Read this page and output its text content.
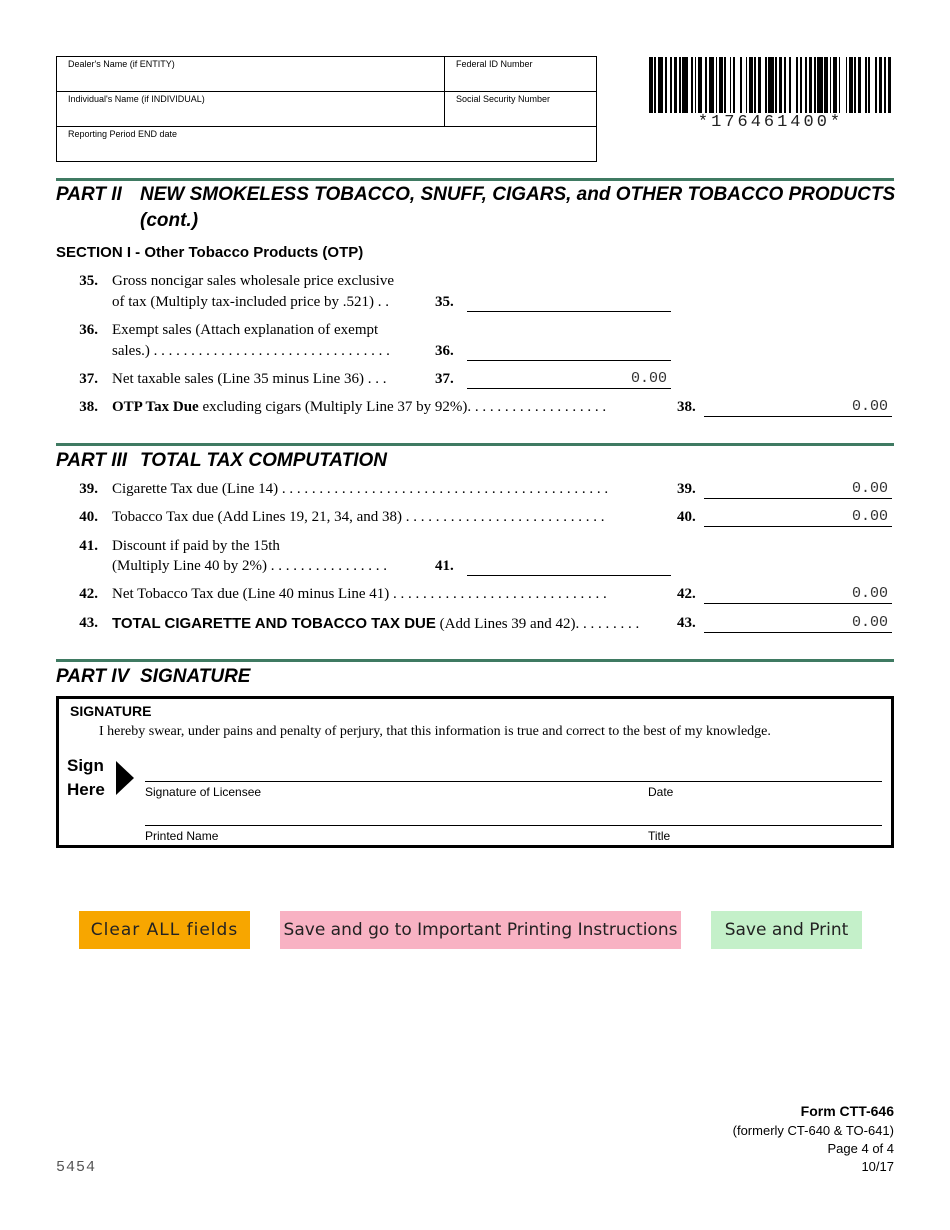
Dealer's Name (if ENTITY)	Federal ID Number
Individual's Name (if INDIVIDUAL)	Social Security Number
Reporting Period END date
*176461400*
PART II NEW SMOKELESS TOBACCO, SNUFF, CIGARS, and OTHER TOBACCO PRODUCTS
(cont.)
SECTION I - Other Tobacco Products (OTP)
35. Gross noncigar sales wholesale price exclusive
of tax (Multiply tax-included price by .521) . .	35.
36. Exempt sales (Attach explanation of exempt
sales.) . . . . . . . . . . . . . . . . . . . . . . . . . . . . . . . .	36.
37. Net taxable sales (Line 35 minus Line 36) . . .	37.
0.00
38. OTP Tax Due excluding cigars (Multiply Line 37 by 92%). . . . . . . . . . . . . . . . . . .	38.
0.00
PART III TOTAL TAX COMPUTATION
39. Cigarette Tax due (Line 14) . . . . . . . . . . . . . . . . . . . . . . . . . . . . . . . . . . . . . . . . . . . .	39.
0.00
40. Tobacco Tax due (Add Lines 19, 21, 34, and 38) . . . . . . . . . . . . . . . . . . . . . . . . . . .	40.
0.00
41. Discount if paid by the 15th
(Multiply Line 40 by 2%) . . . . . . . . . . . . . . . .	41.
42. Net Tobacco Tax due (Line 40 minus Line 41) . . . . . . . . . . . . . . . . . . . . . . . . . . . . .	42.
0.00
43. TOTAL CIGARETTE AND TOBACCO TAX DUE (Add Lines 39 and 42). . . . . . . . .	43.
0.00
PART IV SIGNATURE
SIGNATURE
I hereby swear, under pains and penalty of perjury, that this information is true and correct to the best of my knowledge.
Sign
Here	Signature of Licensee	Date
Printed Name	Title
Clear ALL fields	Save and go to Important Printing Instructions	Save and Print
5454
Form CTT-646
(formerly CT-640 & TO-641)
Page 4 of 4
10/17
